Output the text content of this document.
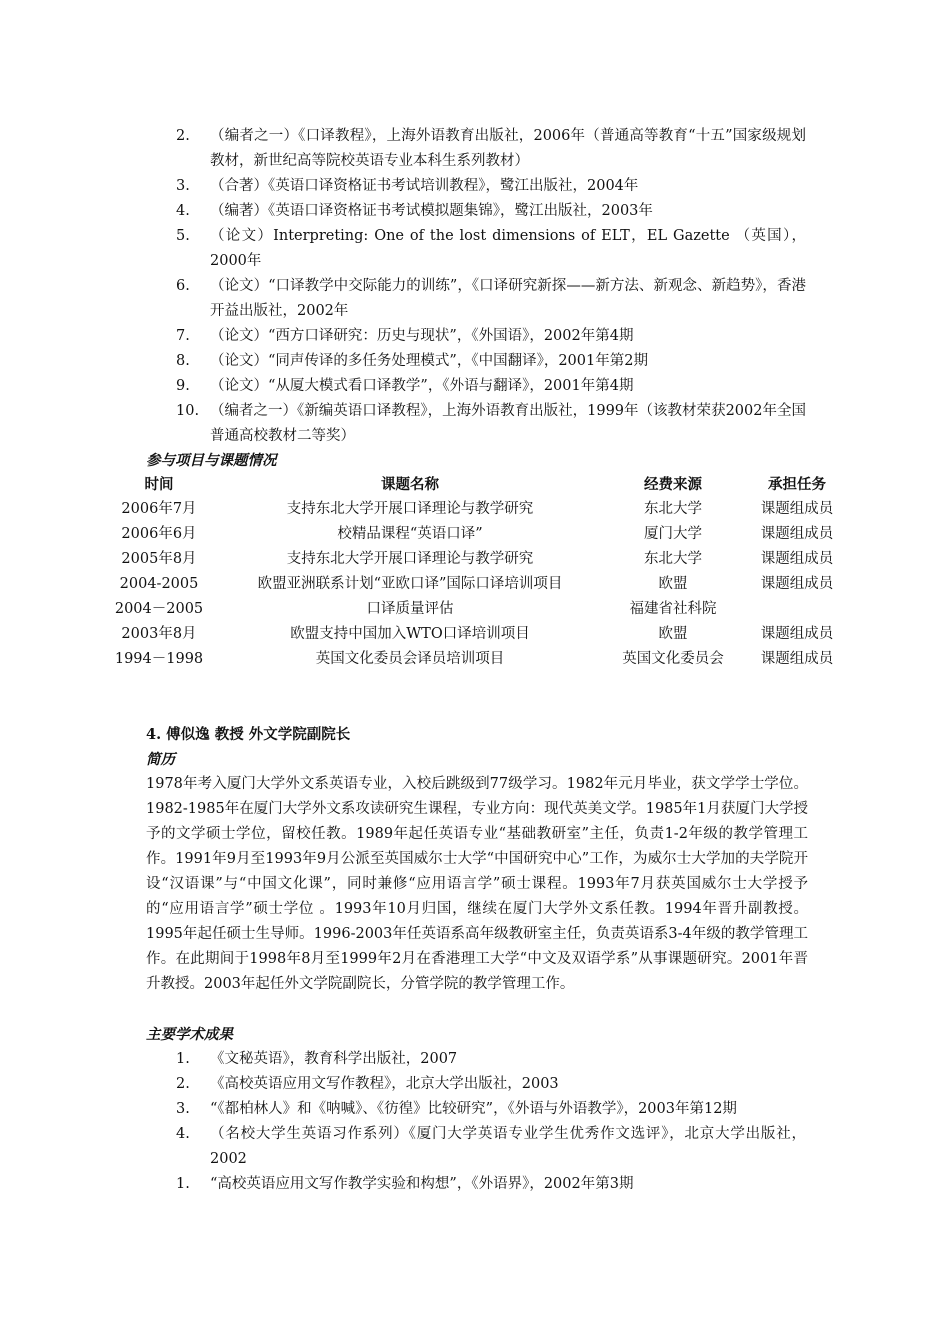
2.	（编者之一）《口译教程》，上海外语教育出版社，2006年（普通高等教育“十五”国家级规划教材，新世纪高等院校英语专业本科生系列教材）
3.	（合著）《英语口译资格证书考试培训教程》，鹭江出版社，2004年
4.	（编著）《英语口译资格证书考试模拟题集锦》，鹭江出版社，2003年
5.	（论文）Interpreting: One of the lost dimensions of ELT，EL Gazette （英国），2000年
6.	（论文）“口译教学中交际能力的训练”，《口译研究新探——新方法、新观念、新趋势》，香港开益出版社，2002年
7.	（论文）“西方口译研究：历史与现状”，《外国语》，2002年第4期
8.	（论文）“同声传译的多任务处理模式”，《中国翻译》，2001年第2期
9.	（论文）“从厦大模式看口译教学”，《外语与翻译》，2001年第4期
10. （编者之一）《新编英语口译教程》，上海外语教育出版社，1999年（该教材荣获2002年全国普通高校教材二等奖）
参与项目与课题情况
时间	课题名称	经费来源	承担任务
2006年7月	支持东北大学开展口译理论与教学研究	东北大学	课题组成员
2006年6月	校精品课程“英语口译”	厦门大学	课题组成员
2005年8月	支持东北大学开展口译理论与教学研究	东北大学	课题组成员
2004-2005	欧盟亚洲联系计划“亚欧口译”国际口译培训项目	欧盟	课题组成员
2004－2005	口译质量评估	福建省社科院	
2003年8月	欧盟支持中国加入WTO口译培训项目	欧盟	课题组成员
1994－1998	英国文化委员会译员培训项目	英国文化委员会	课题组成员
4. 傅似逸 教授 外文学院副院长
简历

1978年考入厦门大学外文系英语专业，入校后跳级到77级学习。1982年元月毕业，获文学学士学位。1982-1985年在厦门大学外文系攻读研究生课程，专业方向：现代英美文学。1985年1月获厦门大学授予的文学硕士学位，留校任教。1989年起任英语专业“基础教研室”主任，负责1-2年级的教学管理工作。1991年9月至1993年9月公派至英国威尔士大学“中国研究中心”工作，为威尔士大学加的夫学院开设“汉语课”与“中国文化课”，同时兼修“应用语言学”硕士课程。1993年7月获英国威尔士大学授予的“应用语言学”硕士学位 。1993年10月归国，继续在厦门大学外文系任教。1994年晋升副教授。1995年起任硕士生导师。1996-2003年任英语系高年级教研室主任，负责英语系3-4年级的教学管理工作。在此期间于1998年8月至1999年2月在香港理工大学“中文及双语学系”从事课题研究。2001年晋升教授。2003年起任外文学院副院长，分管学院的教学管理工作。

主要学术成果
1.	《文秘英语》，教育科学出版社，2007
2.	《高校英语应用文写作教程》，北京大学出版社，2003
3.	“《都柏林人》和《呐喊》、《彷徨》比较研究”，《外语与外语教学》，2003年第12期
4.	（名校大学生英语习作系列）《厦门大学英语专业学生优秀作文选评》，北京大学出版社，2002
1.	“高校英语应用文写作教学实验和构想”，《外语界》，2002年第3期
